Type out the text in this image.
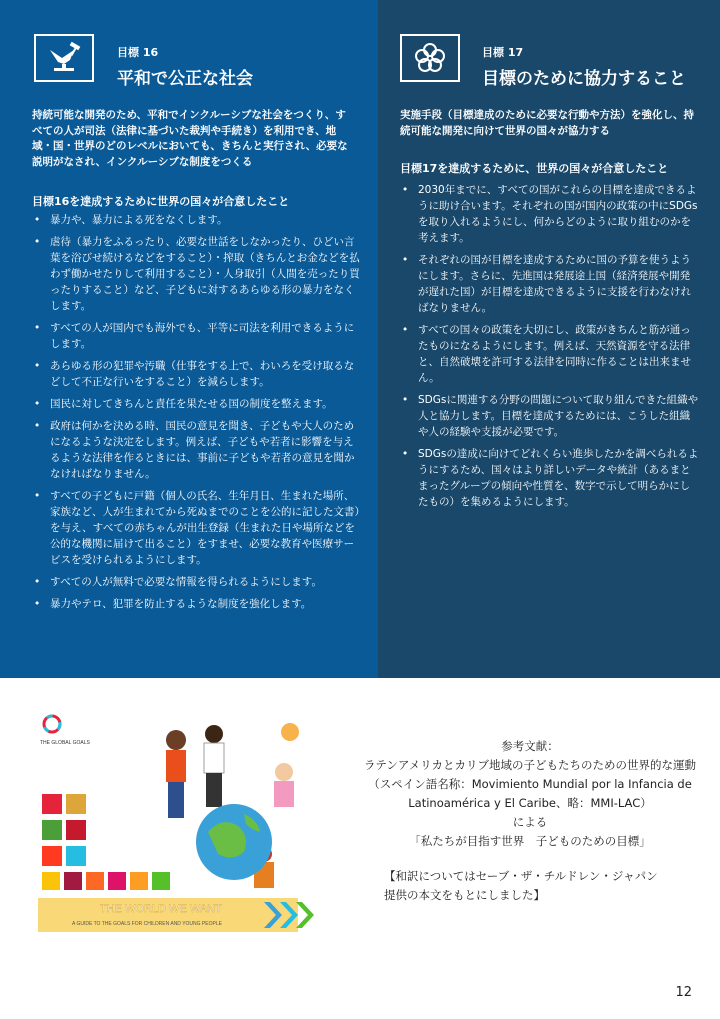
目標 16
平和で公正な社会

持続可能な開発のため、平和でインクルーシブな社会をつくり、すべての人が司法（法律に基づいた裁判や手続き）を利用でき、地域・国・世界のどのレベルにおいても、きちんと実行され、必要な説明がなされ、インクルーシブな制度をつくる

目標16を達成するために世界の国々が合意したこと
• 暴力や、暴力による死をなくします。
• 虐待（暴力をふるったり、必要な世話をしなかったり、ひどい言葉を浴びせ続けるなどをすること）・搾取（きちんとお金などを払わず働かせたりして利用すること）・人身取引（人間を売ったり買ったりすること）など、子どもに対するあらゆる形の暴力をなくします。
• すべての人が国内でも海外でも、平等に司法を利用できるようにします。
• あらゆる形の犯罪や汚職（仕事をする上で、わいろを受け取るなどして不正な行いをすること）を減らします。
• 国民に対してきちんと責任を果たせる国の制度を整えます。
• 政府は何かを決める時、国民の意見を聞き、子どもや大人のためになるような決定をします。例えば、子どもや若者に影響を与えるような法律を作るときには、事前に子どもや若者の意見を聞かなければなりません。
• すべての子どもに戸籍（個人の氏名、生年月日、生まれた場所、家族など、人が生まれてから死ぬまでのことを公的に記した文書）を与え、すべての赤ちゃんが出生登録（生まれた日や場所などを公的な機関に届けて出ること）をすませ、必要な教育や医療サービスを受けられるようにします。
• すべての人が無料で必要な情報を得られるようにします。
• 暴力やテロ、犯罪を防止するような制度を強化します。
目標 17
目標のために協力すること

実施手段（目標達成のために必要な行動や方法）を強化し、持続可能な開発に向けて世界の国々が協力する

目標17を達成するために、世界の国々が合意したこと
• 2030年までに、すべての国がこれらの目標を達成できるように助け合います。それぞれの国が国内の政策の中にSDGsを取り入れるようにし、何からどのように取り組むのかを考えます。
• それぞれの国が目標を達成するために国の予算を使うようにします。さらに、先進国は発展途上国（経済発展や開発が遅れた国）が目標を達成できるように支援を行わなければなりません。
• すべての国々の政策を大切にし、政策がきちんと筋が通ったものになるようにします。例えば、天然資源を守る法律と、自然破壊を許可する法律を同時に作ることは出来ません。
• SDGsに関連する分野の問題について取り組んできた組織や人と協力します。目標を達成するためには、こうした組織や人の経験や支援が必要です。
• SDGsの達成に向けてどれくらい進歩したかを調べられるようにするため、国々はより詳しいデータや統計（あるまとまったグループの傾向や性質を、数字で示して明らかにしたもの）を集めるようにします。
THE GLOBAL GOALS
THE WORLD WE WANT
A GUIDE TO THE GOALS FOR CHILDREN AND YOUNG PEOPLE
参考文献：
ラテンアメリカとカリブ地域の子どもたちのための世界的な運動
（スペイン語名称：Movimiento Mundial por la Infancia de
Latinoamérica y El Caribe、略：MMI-LAC）
による
「私たちが目指す世界　子どものための目標」
【和訳についてはセーブ・ザ・チルドレン・ジャパン
提供の本文をもとにしました】
12
